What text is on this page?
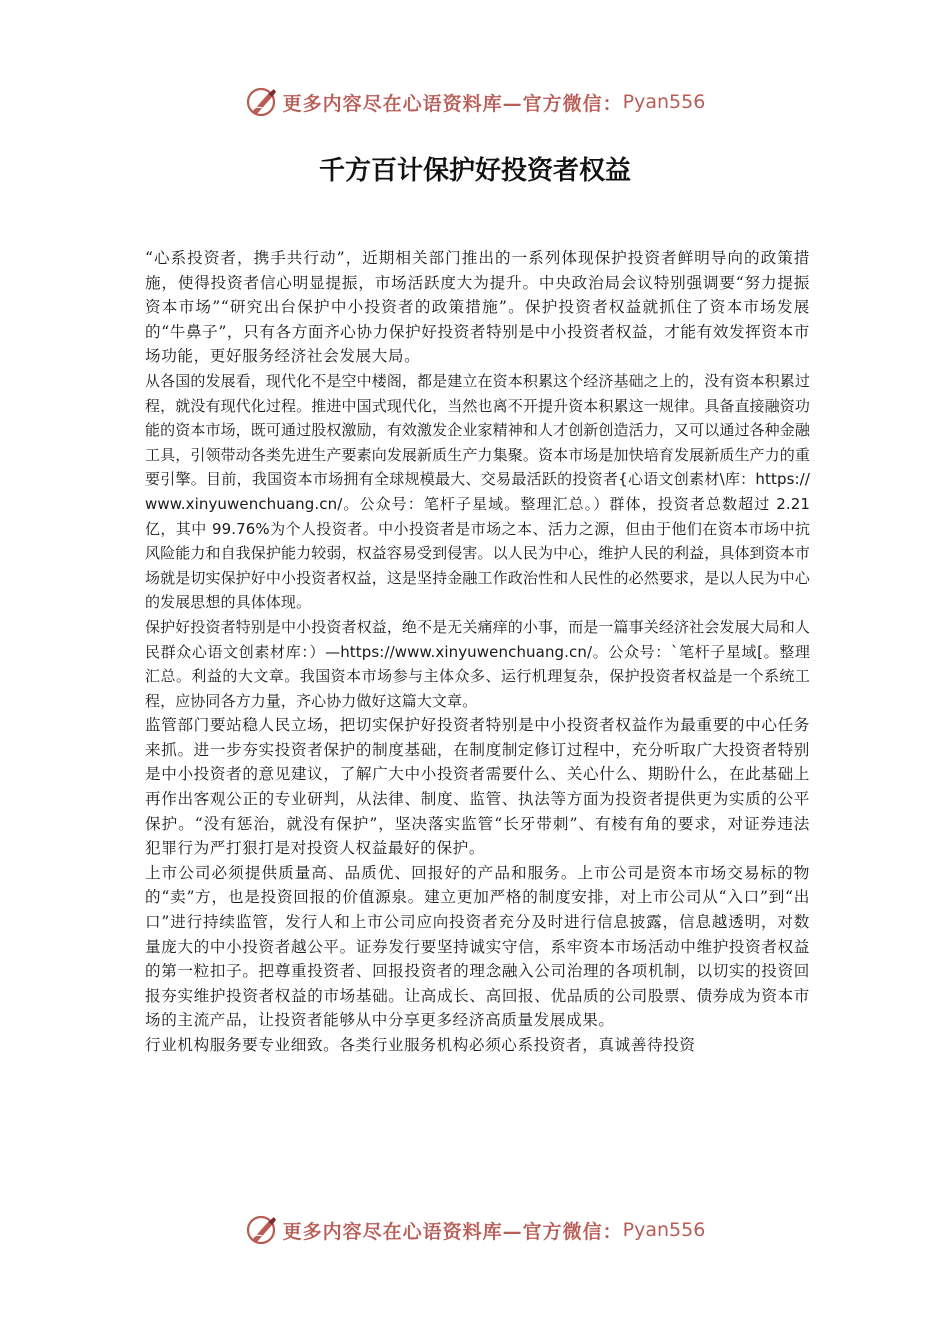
更多内容尽在心语资料库—官方微信： Pyan556
千方百计保护好投资者权益

“心系投资者，携手共行动”，近期相关部门推出的一系列体现保护投资者鲜明导向的政策措施，使得投资者信心明显提振，市场活跃度大为提升。中央政治局会议特别强调要“努力提振资本市场”“研究出台保护中小投资者的政策措施”。保护投资者权益就抓住了资本市场发展的“牛鼻子”，只有各方面齐心协力保护好投资者特别是中小投资者权益，才能有效发挥资本市场功能，更好服务经济社会发展大局。

从各国的发展看，现代化不是空中楼阁，都是建立在资本积累这个经济基础之上的，没有资本积累过程，就没有现代化过程。推进中国式现代化，当然也离不开提升资本积累这一规律。具备直接融资功能的资本市场，既可通过股权激励，有效激发企业家精神和人才创新创造活力，又可以通过各种金融工具，引领带动各类先进生产要素向发展新质生产力集聚。资本市场是加快培育发展新质生产力的重要引擎。目前，我国资本市场拥有全球规模最大、交易最活跃的投资者{心语文创素材\库：https://www.xinyuwenchuang.cn/。公众号：笔杆子星域。整理汇总。）群体，投资者总数超过 2.21 亿，其中 99.76%为个人投资者。中小投资者是市场之本、活力之源，但由于他们在资本市场中抗风险能力和自我保护能力较弱，权益容易受到侵害。以人民为中心，维护人民的利益，具体到资本市场就是切实保护好中小投资者权益，这是坚持金融工作政治性和人民性的必然要求，是以人民为中心的发展思想的具体体现。

保护好投资者特别是中小投资者权益，绝不是无关痛痒的小事，而是一篇事关经济社会发展大局和人民群众心语文创素材库：）—https://www.xinyuwenchuang.cn/。公众号：`笔杆子星域[。整理汇总。利益的大文章。我国资本市场参与主体众多、运行机理复杂，保护投资者权益是一个系统工程，应协同各方力量，齐心协力做好这篇大文章。

监管部门要站稳人民立场，把切实保护好投资者特别是中小投资者权益作为最重要的中心任务来抓。进一步夯实投资者保护的制度基础，在制度制定修订过程中，充分听取广大投资者特别是中小投资者的意见建议，了解广大中小投资者需要什么、关心什么、期盼什么，在此基础上再作出客观公正的专业研判，从法律、制度、监管、执法等方面为投资者提供更为实质的公平保护。“没有惩治，就没有保护”，坚决落实监管“长牙带刺”、有棱有角的要求，对证券违法犯罪行为严打狠打是对投资人权益最好的保护。

上市公司必须提供质量高、品质优、回报好的产品和服务。上市公司是资本市场交易标的物的“卖”方，也是投资回报的价值源泉。建立更加严格的制度安排，对上市公司从“入口”到“出口”进行持续监管，发行人和上市公司应向投资者充分及时进行信息披露，信息越透明，对数量庞大的中小投资者越公平。证券发行要坚持诚实守信，系牢资本市场活动中维护投资者权益的第一粒扣子。把尊重投资者、回报投资者的理念融入公司治理的各项机制，以切实的投资回报夯实维护投资者权益的市场基础。让高成长、高回报、优品质的公司股票、债券成为资本市场的主流产品，让投资者能够从中分享更多经济高质量发展成果。

行业机构服务要专业细致。各类行业服务机构必须心系投资者，真诚善待投资

更多内容尽在心语资料库—官方微信： Pyan556
